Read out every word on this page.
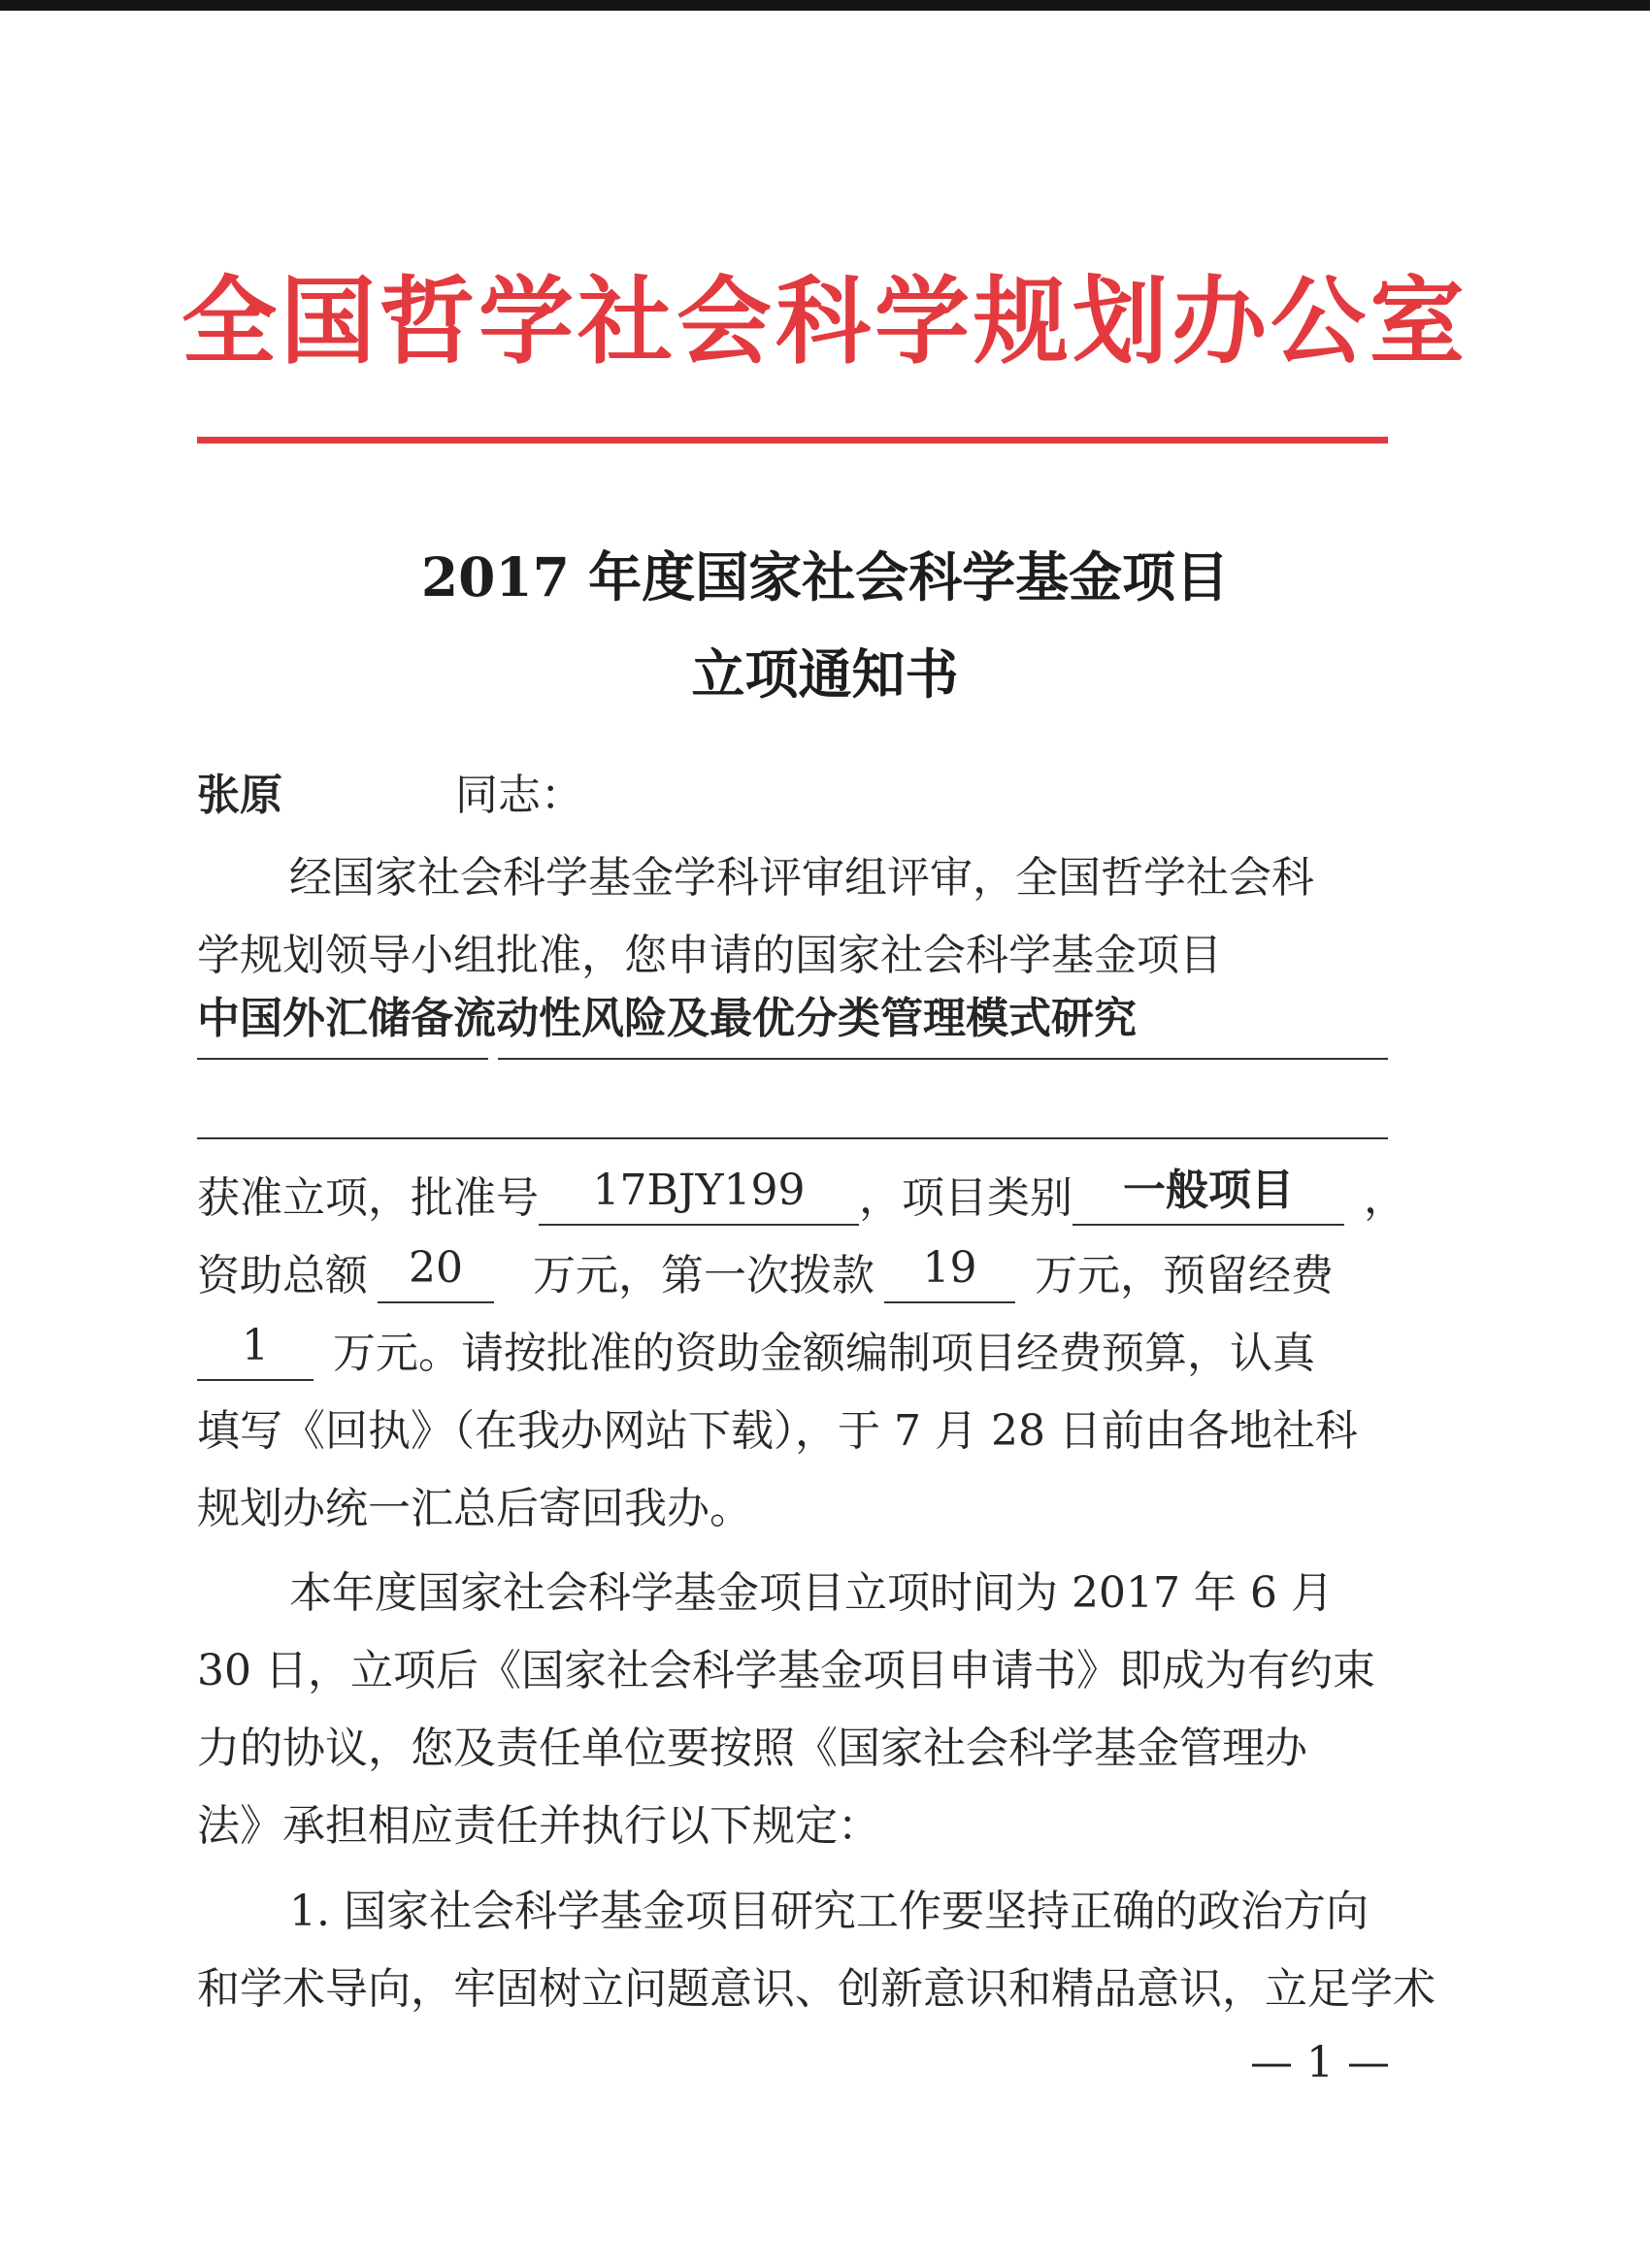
全国哲学社会科学规划办公室
2017 年度国家社会科学基金项目
立项通知书
张原	同志：
经国家社会科学基金学科评审组评审，全国哲学社会科
学规划领导小组批准，您申请的国家社会科学基金项目
中国外汇储备流动性风险及最优分类管理模式研究
获准立项，批准号 17BJY199 ，项目类别 一般项目 ，
资助总额 20 万元，第一次拨款 19 万元，预留经费
1 万元。请按批准的资助金额编制项目经费预算，认真
填写《回执》（在我办网站下载），于 7 月 28 日前由各地社科
规划办统一汇总后寄回我办。
本年度国家社会科学基金项目立项时间为 2017 年 6 月
30 日，立项后《国家社会科学基金项目申请书》即成为有约束
力的协议，您及责任单位要按照《国家社会科学基金管理办
法》承担相应责任并执行以下规定：
1. 国家社会科学基金项目研究工作要坚持正确的政治方向
和学术导向，牢固树立问题意识、创新意识和精品意识，立足学术
— 1 —
